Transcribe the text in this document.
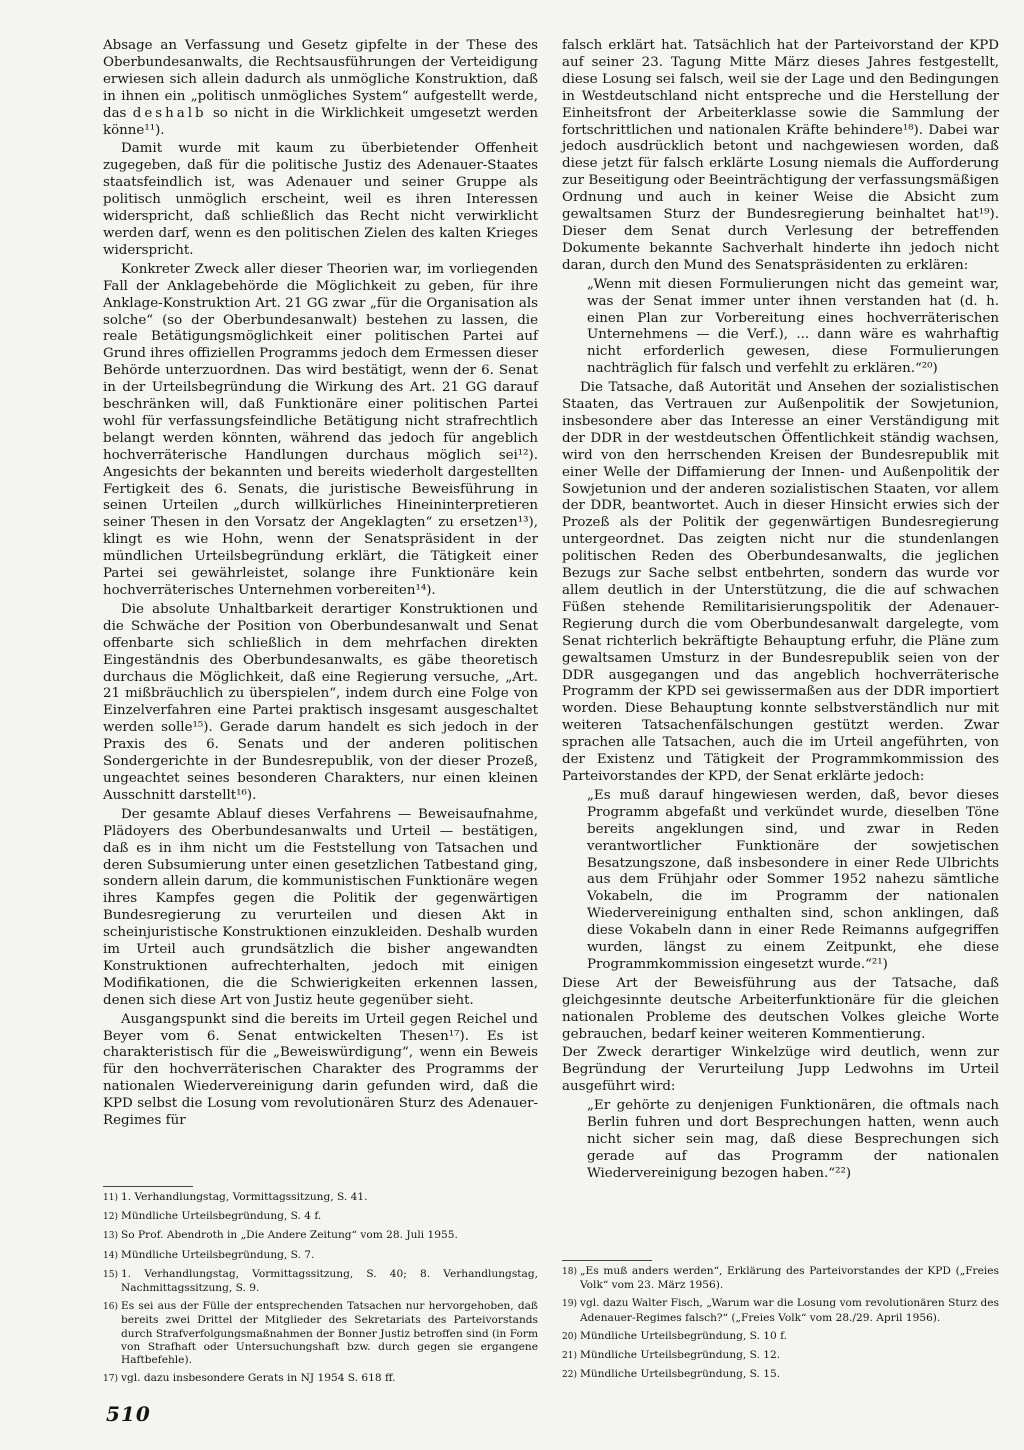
Absage an Verfassung und Gesetz gipfelte in der These des Oberbundesanwalts, die Rechtsausführungen der Verteidigung erwiesen sich allein dadurch als unmögliche Konstruktion, daß in ihnen ein „politisch unmögliches System“ aufgestellt werde, das deshalb so nicht in die Wirklichkeit umgesetzt werden könne¹¹).

Damit wurde mit kaum zu überbietender Offenheit zugegeben, daß für die politische Justiz des Adenauer-Staates staatsfeindlich ist, was Adenauer und seiner Gruppe als politisch unmöglich erscheint, weil es ihren Interessen widerspricht, daß schließlich das Recht nicht verwirklicht werden darf, wenn es den politischen Zielen des kalten Krieges widerspricht.

Konkreter Zweck aller dieser Theorien war, im vorliegenden Fall der Anklagebehörde die Möglichkeit zu geben, für ihre Anklage-Konstruktion Art. 21 GG zwar „für die Organisation als solche“ (so der Oberbundesanwalt) bestehen zu lassen, die reale Betätigungsmöglichkeit einer politischen Partei auf Grund ihres offiziellen Programms jedoch dem Ermessen dieser Behörde unterzuordnen. Das wird bestätigt, wenn der 6. Senat in der Urteilsbegründung die Wirkung des Art. 21 GG darauf beschränken will, daß Funktionäre einer politischen Partei wohl für verfassungsfeindliche Betätigung nicht strafrechtlich belangt werden könnten, während das jedoch für angeblich hochverräterische Handlungen durchaus möglich sei¹²). Angesichts der bekannten und bereits wiederholt dargestellten Fertigkeit des 6. Senats, die juristische Beweisführung in seinen Urteilen „durch willkürliches Hineininterpretieren seiner Thesen in den Vorsatz der Angeklagten“ zu ersetzen¹³), klingt es wie Hohn, wenn der Senatspräsident in der mündlichen Urteilsbegründung erklärt, die Tätigkeit einer Partei sei gewährleistet, solange ihre Funktionäre kein hochverräterisches Unternehmen vorbereiten¹⁴).

Die absolute Unhaltbarkeit derartiger Konstruktionen und die Schwäche der Position von Oberbundesanwalt und Senat offenbarte sich schließlich in dem mehrfachen direkten Eingeständnis des Oberbundesanwalts, es gäbe theoretisch durchaus die Möglichkeit, daß eine Regierung versuche, „Art. 21 mißbräuchlich zu überspielen“, indem durch eine Folge von Einzelverfahren eine Partei praktisch insgesamt ausgeschaltet werden solle¹⁵). Gerade darum handelt es sich jedoch in der Praxis des 6. Senats und der anderen politischen Sondergerichte in der Bundesrepublik, von der dieser Prozeß, ungeachtet seines besonderen Charakters, nur einen kleinen Ausschnitt darstellt¹⁶).

Der gesamte Ablauf dieses Verfahrens — Beweisaufnahme, Plädoyers des Oberbundesanwalts und Urteil — bestätigen, daß es in ihm nicht um die Feststellung von Tatsachen und deren Subsumierung unter einen gesetzlichen Tatbestand ging, sondern allein darum, die kommunistischen Funktionäre wegen ihres Kampfes gegen die Politik der gegenwärtigen Bundesregierung zu verurteilen und diesen Akt in scheinjuristische Konstruktionen einzukleiden. Deshalb wurden im Urteil auch grundsätzlich die bisher angewandten Konstruktionen aufrechterhalten, jedoch mit einigen Modifikationen, die die Schwierigkeiten erkennen lassen, denen sich diese Art von Justiz heute gegenüber sieht.

Ausgangspunkt sind die bereits im Urteil gegen Reichel und Beyer vom 6. Senat entwickelten Thesen¹⁷). Es ist charakteristisch für die „Beweiswürdigung“, wenn ein Beweis für den hochverräterischen Charakter des Programms der nationalen Wiedervereinigung darin gefunden wird, daß die KPD selbst die Losung vom revolutionären Sturz des Adenauer-Regimes für

11) 1. Verhandlungstag, Vormittagssitzung, S. 41.
12) Mündliche Urteilsbegründung, S. 4 f.
13) So Prof. Abendroth in „Die Andere Zeitung“ vom 28. Juli 1955.
14) Mündliche Urteilsbegründung, S. 7.
15) 1. Verhandlungstag, Vormittagssitzung, S. 40; 8. Verhandlungstag, Nachmittagssitzung, S. 9.
16) Es sei aus der Fülle der entsprechenden Tatsachen nur hervorgehoben, daß bereits zwei Drittel der Mitglieder des Sekretariats des Parteivorstands durch Strafverfolgungsmaßnahmen der Bonner Justiz betroffen sind (in Form von Strafhaft oder Untersuchungshaft bzw. durch gegen sie ergangene Haftbefehle).
17) vgl. dazu insbesondere Gerats in NJ 1954 S. 618 ff.

falsch erklärt hat. Tatsächlich hat der Parteivorstand der KPD auf seiner 23. Tagung Mitte März dieses Jahres festgestellt, diese Losung sei falsch, weil sie der Lage und den Bedingungen in Westdeutschland nicht entspreche und die Herstellung der Einheitsfront der Arbeiterklasse sowie die Sammlung der fortschrittlichen und nationalen Kräfte behindere¹⁸). Dabei war jedoch ausdrücklich betont und nachgewiesen worden, daß diese jetzt für falsch erklärte Losung niemals die Aufforderung zur Beseitigung oder Beeinträchtigung der verfassungsmäßigen Ordnung und auch in keiner Weise die Absicht zum gewaltsamen Sturz der Bundesregierung beinhaltet hat¹⁹). Dieser dem Senat durch Verlesung der betreffenden Dokumente bekannte Sachverhalt hinderte ihn jedoch nicht daran, durch den Mund des Senatspräsidenten zu erklären:

„Wenn mit diesen Formulierungen nicht das gemeint war, was der Senat immer unter ihnen verstanden hat (d. h. einen Plan zur Vorbereitung eines hochverräterischen Unternehmens — die Verf.), ... dann wäre es wahrhaftig nicht erforderlich gewesen, diese Formulierungen nachträglich für falsch und verfehlt zu erklären.“²⁰)

Die Tatsache, daß Autorität und Ansehen der sozialistischen Staaten, das Vertrauen zur Außenpolitik der Sowjetunion, insbesondere aber das Interesse an einer Verständigung mit der DDR in der westdeutschen Öffentlichkeit ständig wachsen, wird von den herrschenden Kreisen der Bundesrepublik mit einer Welle der Diffamierung der Innen- und Außenpolitik der Sowjetunion und der anderen sozialistischen Staaten, vor allem der DDR, beantwortet. Auch in dieser Hinsicht erwies sich der Prozeß als der Politik der gegenwärtigen Bundesregierung untergeordnet. Das zeigten nicht nur die stundenlangen politischen Reden des Oberbundesanwalts, die jeglichen Bezugs zur Sache selbst entbehrten, sondern das wurde vor allem deutlich in der Unterstützung, die die auf schwachen Füßen stehende Remilitarisierungspolitik der Adenauer-Regierung durch die vom Oberbundesanwalt dargelegte, vom Senat richterlich bekräftigte Behauptung erfuhr, die Pläne zum gewaltsamen Umsturz in der Bundesrepublik seien von der DDR ausgegangen und das angeblich hochverräterische Programm der KPD sei gewissermaßen aus der DDR importiert worden. Diese Behauptung konnte selbstverständlich nur mit weiteren Tatsachenfälschungen gestützt werden. Zwar sprachen alle Tatsachen, auch die im Urteil angeführten, von der Existenz und Tätigkeit der Programmkommission des Parteivorstandes der KPD, der Senat erklärte jedoch:

„Es muß darauf hingewiesen werden, daß, bevor dieses Programm abgefaßt und verkündet wurde, dieselben Töne bereits angeklungen sind, und zwar in Reden verantwortlicher Funktionäre der sowjetischen Besatzungszone, daß insbesondere in einer Rede Ulbrichts aus dem Frühjahr oder Sommer 1952 nahezu sämtliche Vokabeln, die im Programm der nationalen Wiedervereinigung enthalten sind, schon anklingen, daß diese Vokabeln dann in einer Rede Reimanns aufgegriffen wurden, längst zu einem Zeitpunkt, ehe diese Programmkommission eingesetzt wurde.“²¹)

Diese Art der Beweisführung aus der Tatsache, daß gleichgesinnte deutsche Arbeiterfunktionäre für die gleichen nationalen Probleme des deutschen Volkes gleiche Worte gebrauchen, bedarf keiner weiteren Kommentierung.

Der Zweck derartiger Winkelzüge wird deutlich, wenn zur Begründung der Verurteilung Jupp Ledwohns im Urteil ausgeführt wird:

„Er gehörte zu denjenigen Funktionären, die oftmals nach Berlin fuhren und dort Besprechungen hatten, wenn auch nicht sicher sein mag, daß diese Besprechungen sich gerade auf das Programm der nationalen Wiedervereinigung bezogen haben.“²²)
18) „Es muß anders werden“, Erklärung des Parteivorstandes der KPD („Freies Volk“ vom 23. März 1956).
19) vgl. dazu Walter Fisch, „Warum war die Losung vom revolutionären Sturz des Adenauer-Regimes falsch?“ („Freies Volk“ vom 28./29. April 1956).
20) Mündliche Urteilsbegründung, S. 10 f.
21) Mündliche Urteilsbegründung, S. 12.
22) Mündliche Urteilsbegründung, S. 15.
510
